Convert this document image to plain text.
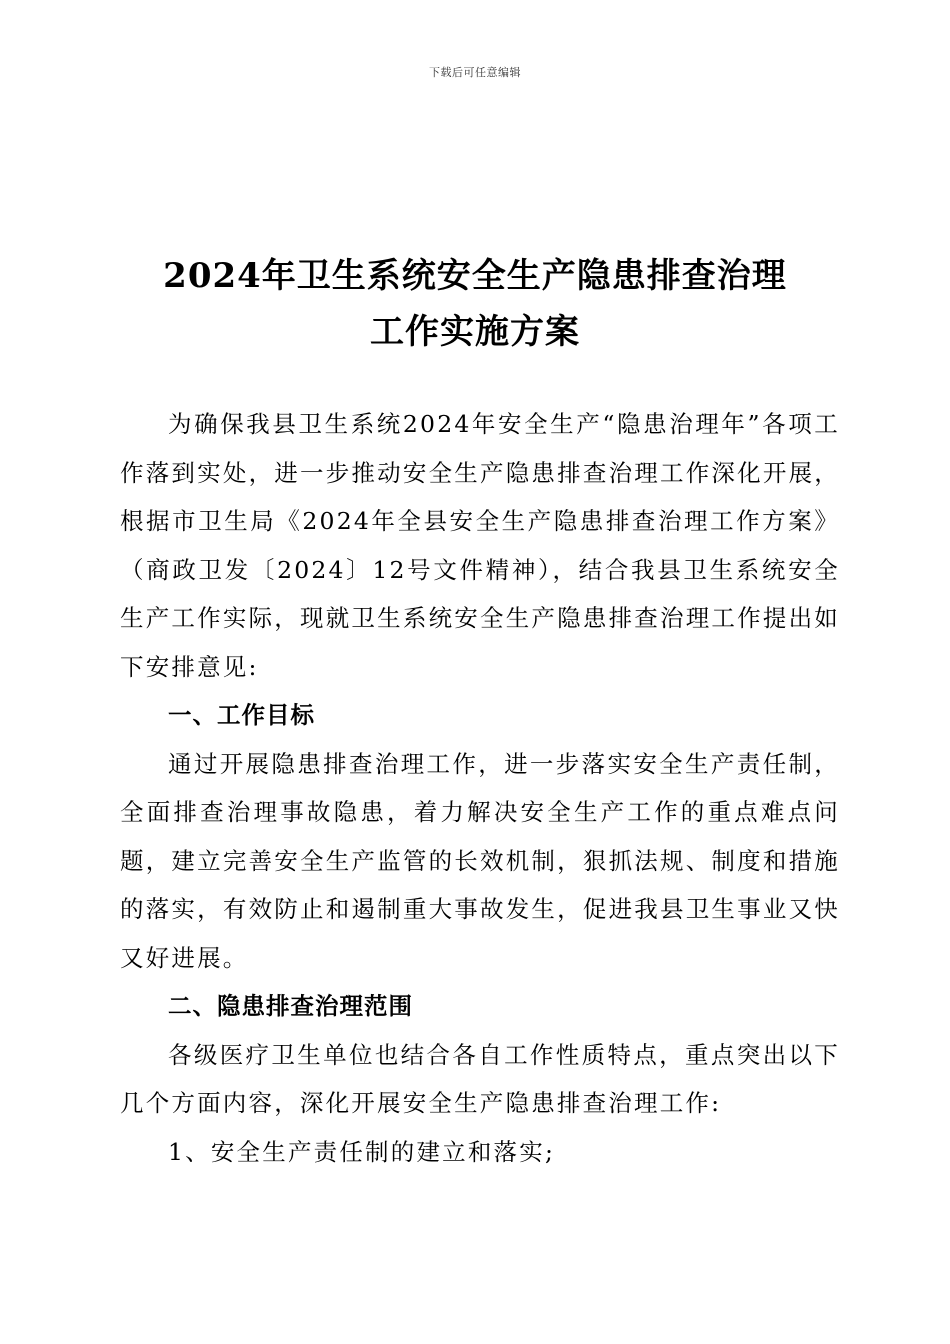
下载后可任意编辑
2024年卫生系统安全生产隐患排查治理
工作实施方案

为确保我县卫生系统2024年安全生产“隐患治理年”各项工作落到实处，进一步推动安全生产隐患排查治理工作深化开展，根据市卫生局《2024年全县安全生产隐患排查治理工作方案》（商政卫发〔2024〕12号文件精神），结合我县卫生系统安全生产工作实际，现就卫生系统安全生产隐患排查治理工作提出如下安排意见:

一、工作目标

通过开展隐患排查治理工作，进一步落实安全生产责任制，全面排查治理事故隐患，着力解决安全生产工作的重点难点问题，建立完善安全生产监管的长效机制，狠抓法规、制度和措施的落实，有效防止和遏制重大事故发生，促进我县卫生事业又快又好进展。

二、隐患排查治理范围

各级医疗卫生单位也结合各自工作性质特点，重点突出以下几个方面内容，深化开展安全生产隐患排查治理工作:

1、安全生产责任制的建立和落实;
